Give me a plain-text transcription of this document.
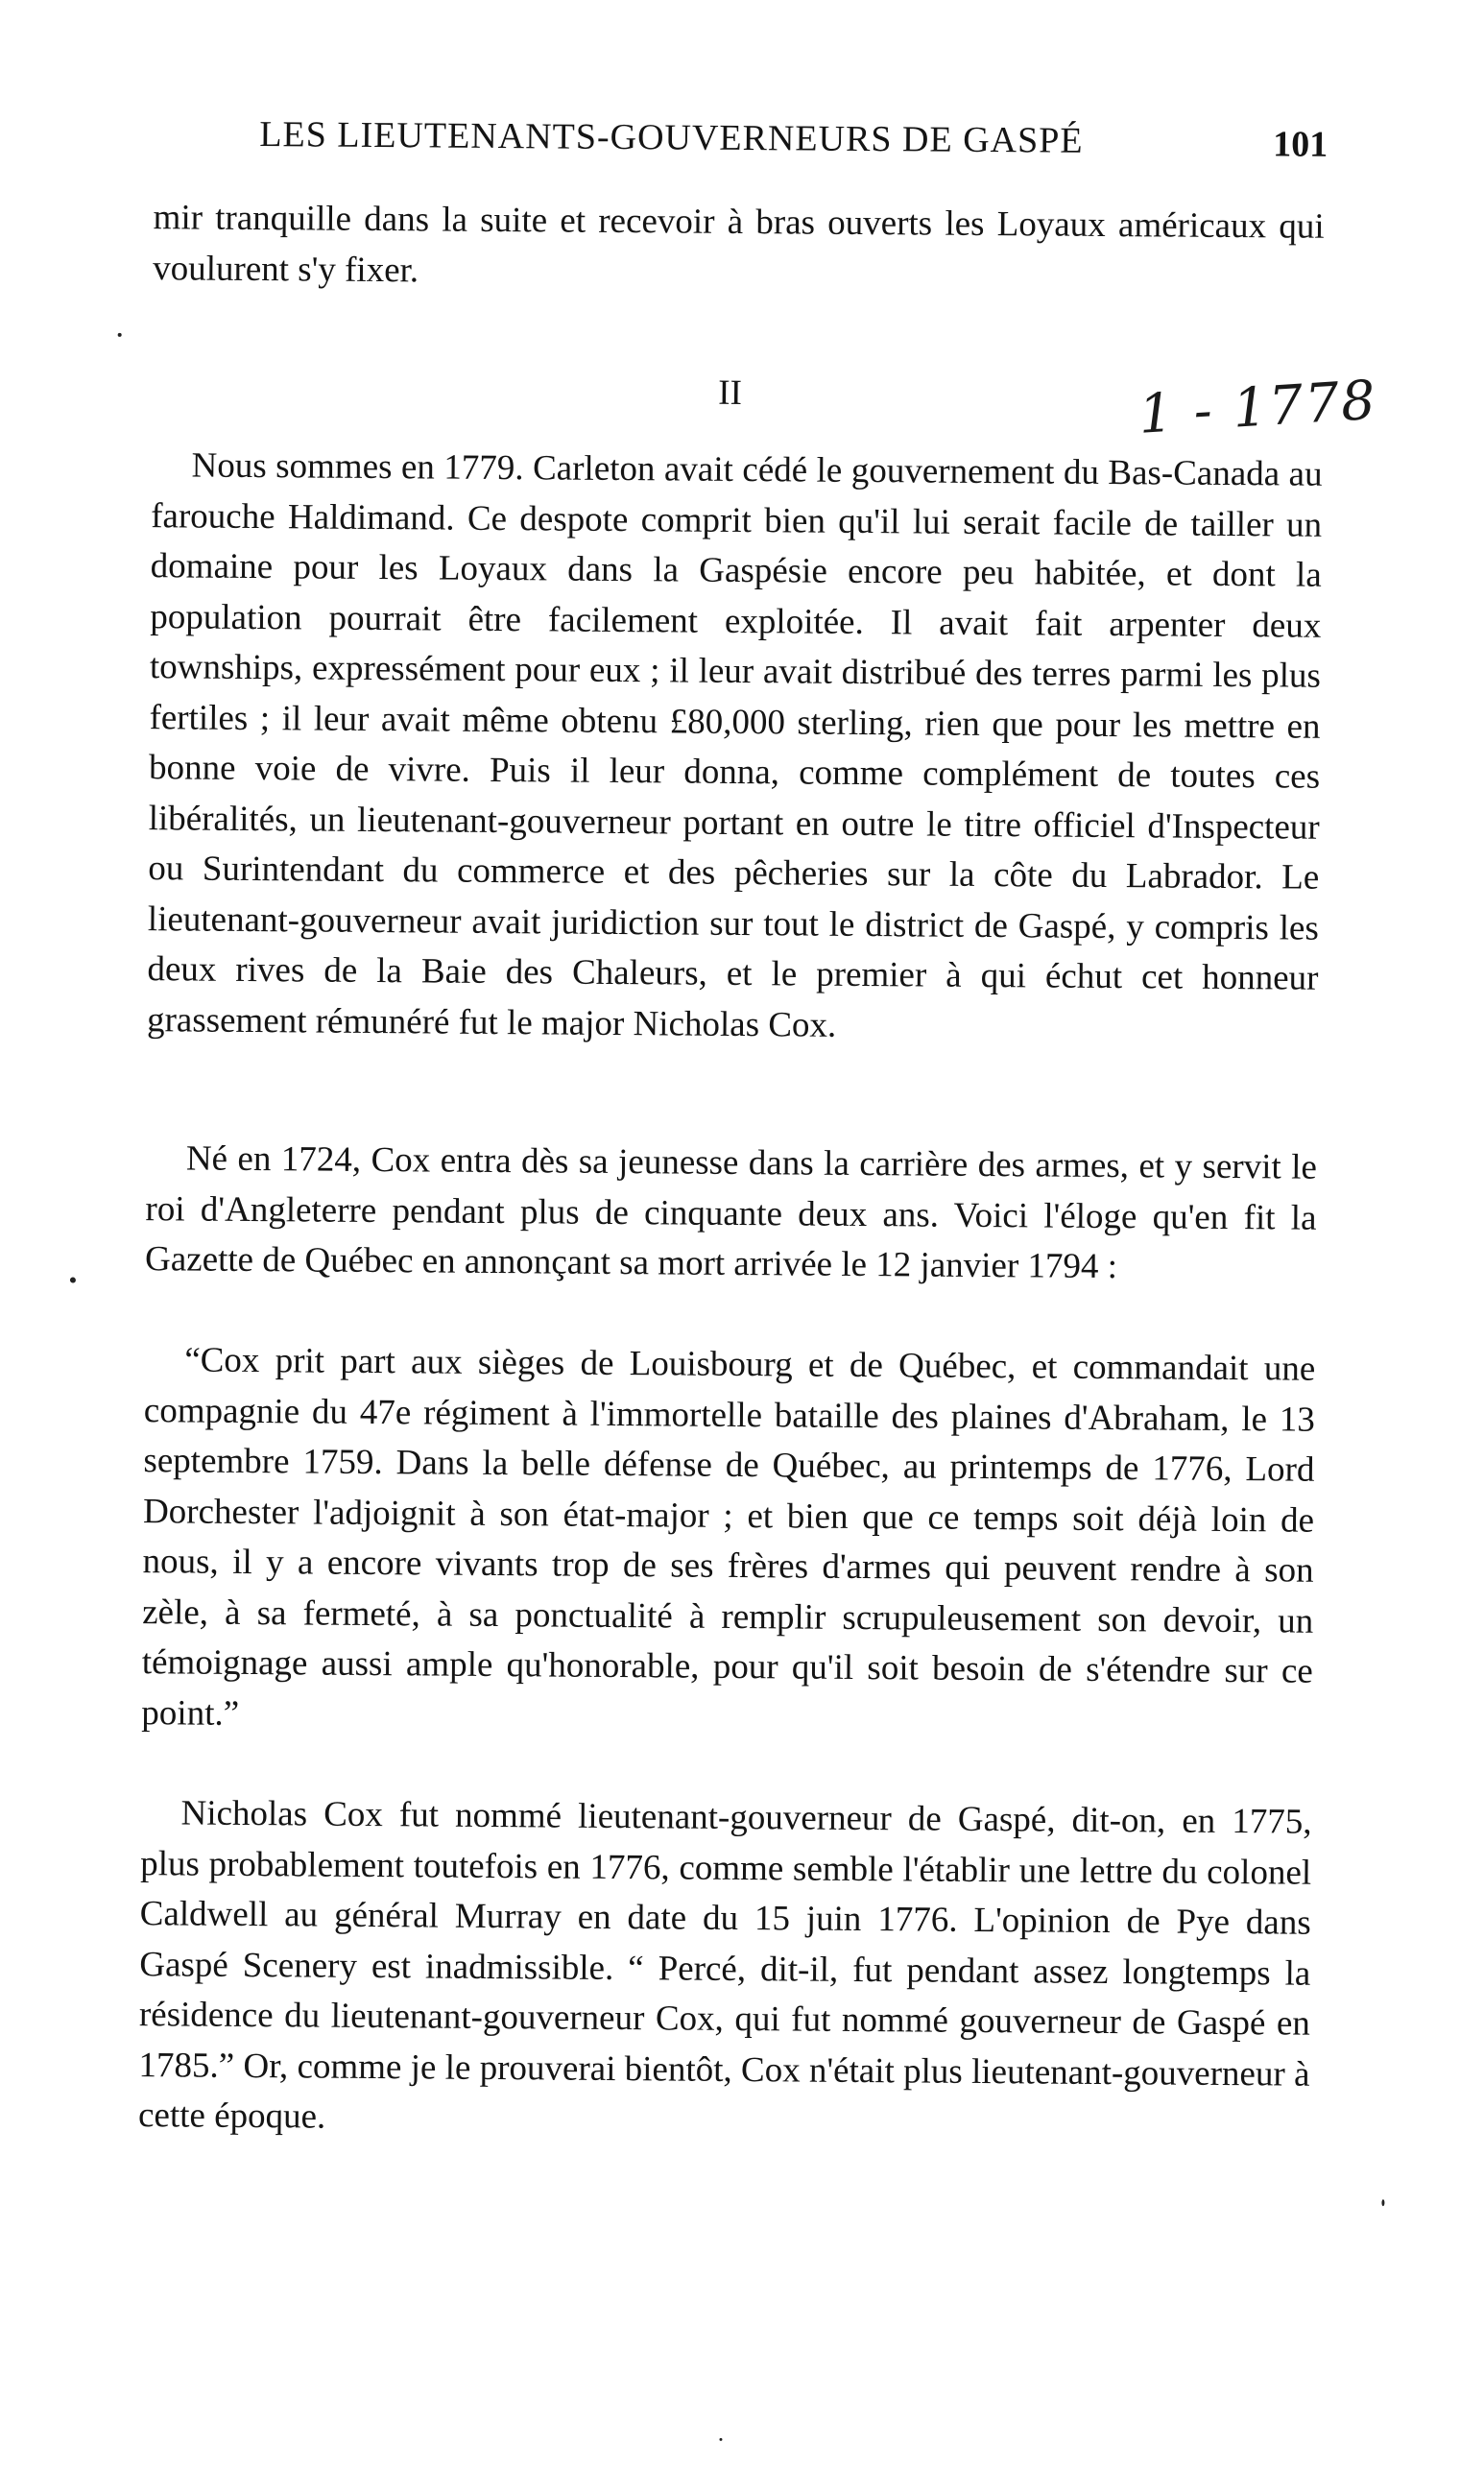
LES LIEUTENANTS-GOUVERNEURS DE GASPÉ	101

mir tranquille dans la suite et recevoir à bras ouverts les Loyaux américaux qui voulurent s'y fixer.

II	1 - 1778

Nous sommes en 1779. Carleton avait cédé le gouvernement du Bas-Canada au farouche Haldimand. Ce despote comprit bien qu'il lui serait facile de tailler un domaine pour les Loyaux dans la Gaspésie encore peu habitée, et dont la population pourrait être facilement exploitée. Il avait fait arpenter deux townships, expressément pour eux ; il leur avait distribué des terres parmi les plus fertiles ; il leur avait même obtenu £80,000 sterling, rien que pour les mettre en bonne voie de vivre. Puis il leur donna, comme complément de toutes ces libéralités, un lieutenant-gouverneur portant en outre le titre officiel d'Inspecteur ou Surintendant du commerce et des pêcheries sur la côte du Labrador. Le lieutenant-gouverneur avait juridiction sur tout le district de Gaspé, y compris les deux rives de la Baie des Chaleurs, et le premier à qui échut cet honneur grassement rémunéré fut le major Nicholas Cox.

Né en 1724, Cox entra dès sa jeunesse dans la carrière des armes, et y servit le roi d'Angleterre pendant plus de cinquante deux ans. Voici l'éloge qu'en fit la Gazette de Québec en annonçant sa mort arrivée le 12 janvier 1794 :

“Cox prit part aux sièges de Louisbourg et de Québec, et commandait une compagnie du 47e régiment à l'immortelle bataille des plaines d'Abraham, le 13 septembre 1759. Dans la belle défense de Québec, au printemps de 1776, Lord Dorchester l'adjoignit à son état-major ; et bien que ce temps soit déjà loin de nous, il y a encore vivants trop de ses frères d'armes qui peuvent rendre à son zèle, à sa fermeté, à sa ponctualité à remplir scrupuleusement son devoir, un témoignage aussi ample qu'honorable, pour qu'il soit besoin de s'étendre sur ce point.”

Nicholas Cox fut nommé lieutenant-gouverneur de Gaspé, dit-on, en 1775, plus probablement toutefois en 1776, comme semble l'établir une lettre du colonel Caldwell au général Murray en date du 15 juin 1776. L'opinion de Pye dans Gaspé Scenery est inadmissible. “ Percé, dit-il, fut pendant assez longtemps la résidence du lieutenant-gouverneur Cox, qui fut nommé gouverneur de Gaspé en 1785.” Or, comme je le prouverai bientôt, Cox n'était plus lieutenant-gouverneur à cette époque.
